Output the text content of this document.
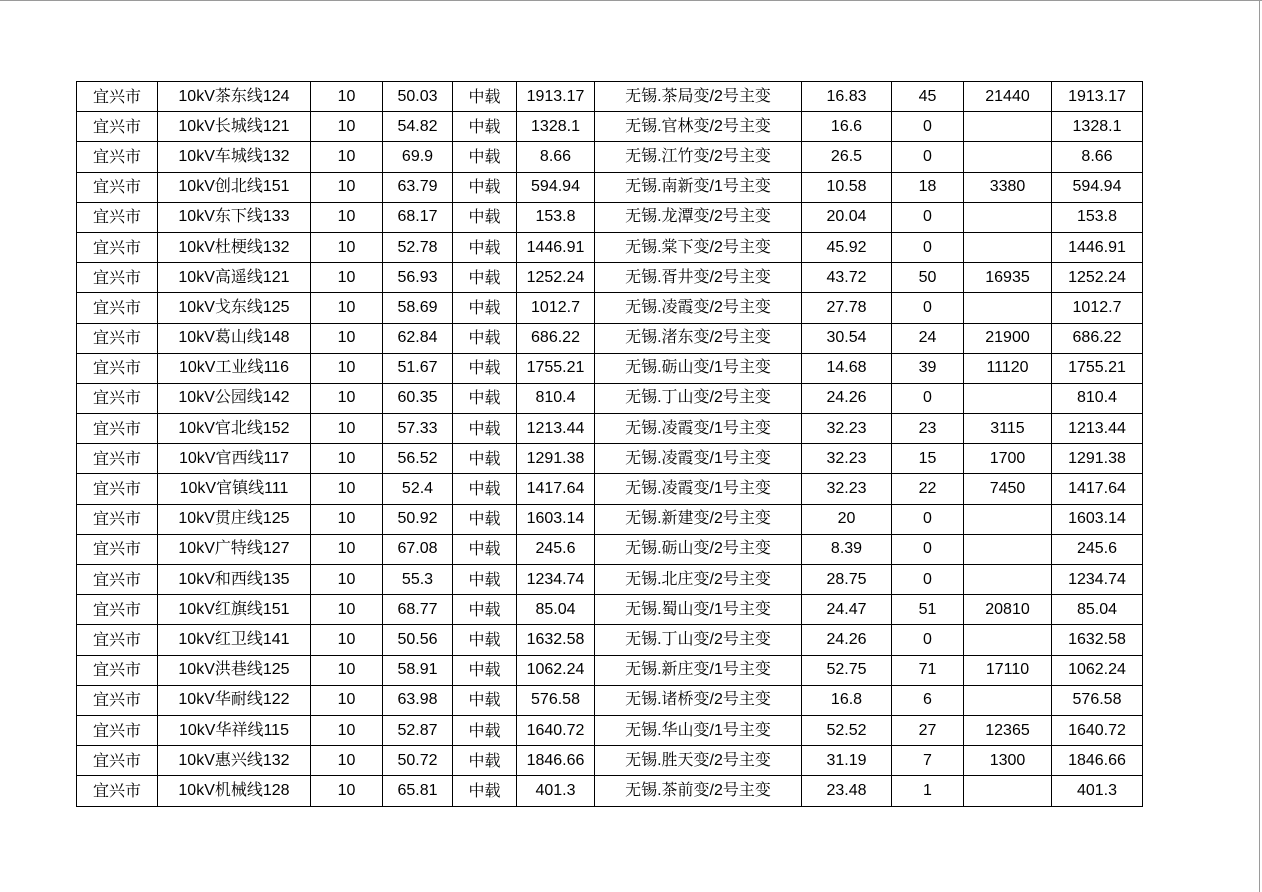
宜兴市	10kV茶东线124	10	50.03	中载	1913.17	无锡.茶局变/2号主变	16.83	45	21440	1913.17
宜兴市	10kV长城线121	10	54.82	中载	1328.1	无锡.官林变/2号主变	16.6	0		1328.1
宜兴市	10kV车城线132	10	69.9	中载	8.66	无锡.江竹变/2号主变	26.5	0		8.66
宜兴市	10kV创北线151	10	63.79	中载	594.94	无锡.南新变/1号主变	10.58	18	3380	594.94
宜兴市	10kV东下线133	10	68.17	中载	153.8	无锡.龙潭变/2号主变	20.04	0		153.8
宜兴市	10kV杜梗线132	10	52.78	中载	1446.91	无锡.棠下变/2号主变	45.92	0		1446.91
宜兴市	10kV高遥线121	10	56.93	中载	1252.24	无锡.胥井变/2号主变	43.72	50	16935	1252.24
宜兴市	10kV戈东线125	10	58.69	中载	1012.7	无锡.凌霞变/2号主变	27.78	0		1012.7
宜兴市	10kV葛山线148	10	62.84	中载	686.22	无锡.渚东变/2号主变	30.54	24	21900	686.22
宜兴市	10kV工业线116	10	51.67	中载	1755.21	无锡.砺山变/1号主变	14.68	39	11120	1755.21
宜兴市	10kV公园线142	10	60.35	中载	810.4	无锡.丁山变/2号主变	24.26	0		810.4
宜兴市	10kV官北线152	10	57.33	中载	1213.44	无锡.凌霞变/1号主变	32.23	23	3115	1213.44
宜兴市	10kV官西线117	10	56.52	中载	1291.38	无锡.凌霞变/1号主变	32.23	15	1700	1291.38
宜兴市	10kV官镇线111	10	52.4	中载	1417.64	无锡.凌霞变/1号主变	32.23	22	7450	1417.64
宜兴市	10kV贯庄线125	10	50.92	中载	1603.14	无锡.新建变/2号主变	20	0		1603.14
宜兴市	10kV广特线127	10	67.08	中载	245.6	无锡.砺山变/2号主变	8.39	0		245.6
宜兴市	10kV和西线135	10	55.3	中载	1234.74	无锡.北庄变/2号主变	28.75	0		1234.74
宜兴市	10kV红旗线151	10	68.77	中载	85.04	无锡.蜀山变/1号主变	24.47	51	20810	85.04
宜兴市	10kV红卫线141	10	50.56	中载	1632.58	无锡.丁山变/2号主变	24.26	0		1632.58
宜兴市	10kV洪巷线125	10	58.91	中载	1062.24	无锡.新庄变/1号主变	52.75	71	17110	1062.24
宜兴市	10kV华耐线122	10	63.98	中载	576.58	无锡.诸桥变/2号主变	16.8	6		576.58
宜兴市	10kV华祥线115	10	52.87	中载	1640.72	无锡.华山变/1号主变	52.52	27	12365	1640.72
宜兴市	10kV惠兴线132	10	50.72	中载	1846.66	无锡.胜天变/2号主变	31.19	7	1300	1846.66
宜兴市	10kV机械线128	10	65.81	中载	401.3	无锡.茶前变/2号主变	23.48	1		401.3
